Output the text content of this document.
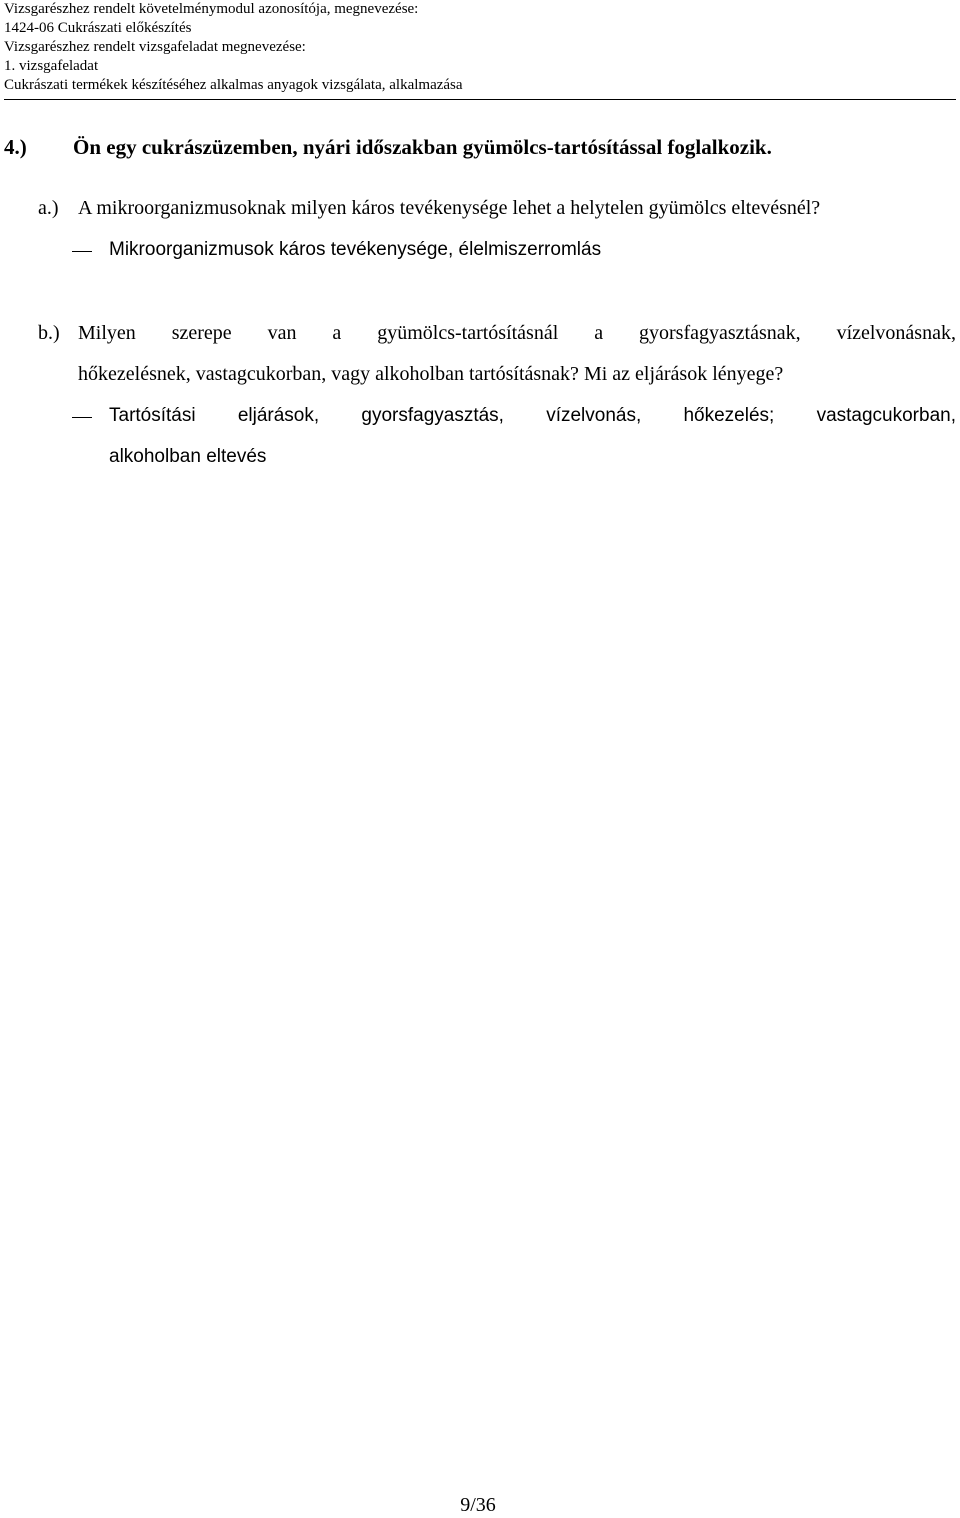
Vizsgarészhez rendelt követelménymodul azonosítója, megnevezése:
1424-06 Cukrászati előkészítés
Vizsgarészhez rendelt vizsgafeladat megnevezése:
1. vizsgafeladat
Cukrászati termékek készítéséhez alkalmas anyagok vizsgálata, alkalmazása
4.) Ön egy cukrászüzemben, nyári időszakban gyümölcs-tartósítással foglalkozik.
a.) A mikroorganizmusoknak milyen káros tevékenysége lehet a helytelen gyümölcs eltevésnél?
Mikroorganizmusok káros tevékenysége, élelmiszerromlás
b.) Milyen szerepe van a gyümölcs-tartósításnál a gyorsfagyasztásnak, vízelvonásnak,
hőkezelésnek, vastagcukorban, vagy alkoholban tartósításnak? Mi az eljárások lényege?
Tartósítási eljárások, gyorsfagyasztás, vízelvonás, hőkezelés; vastagcukorban,
alkoholban eltevés
9/36
